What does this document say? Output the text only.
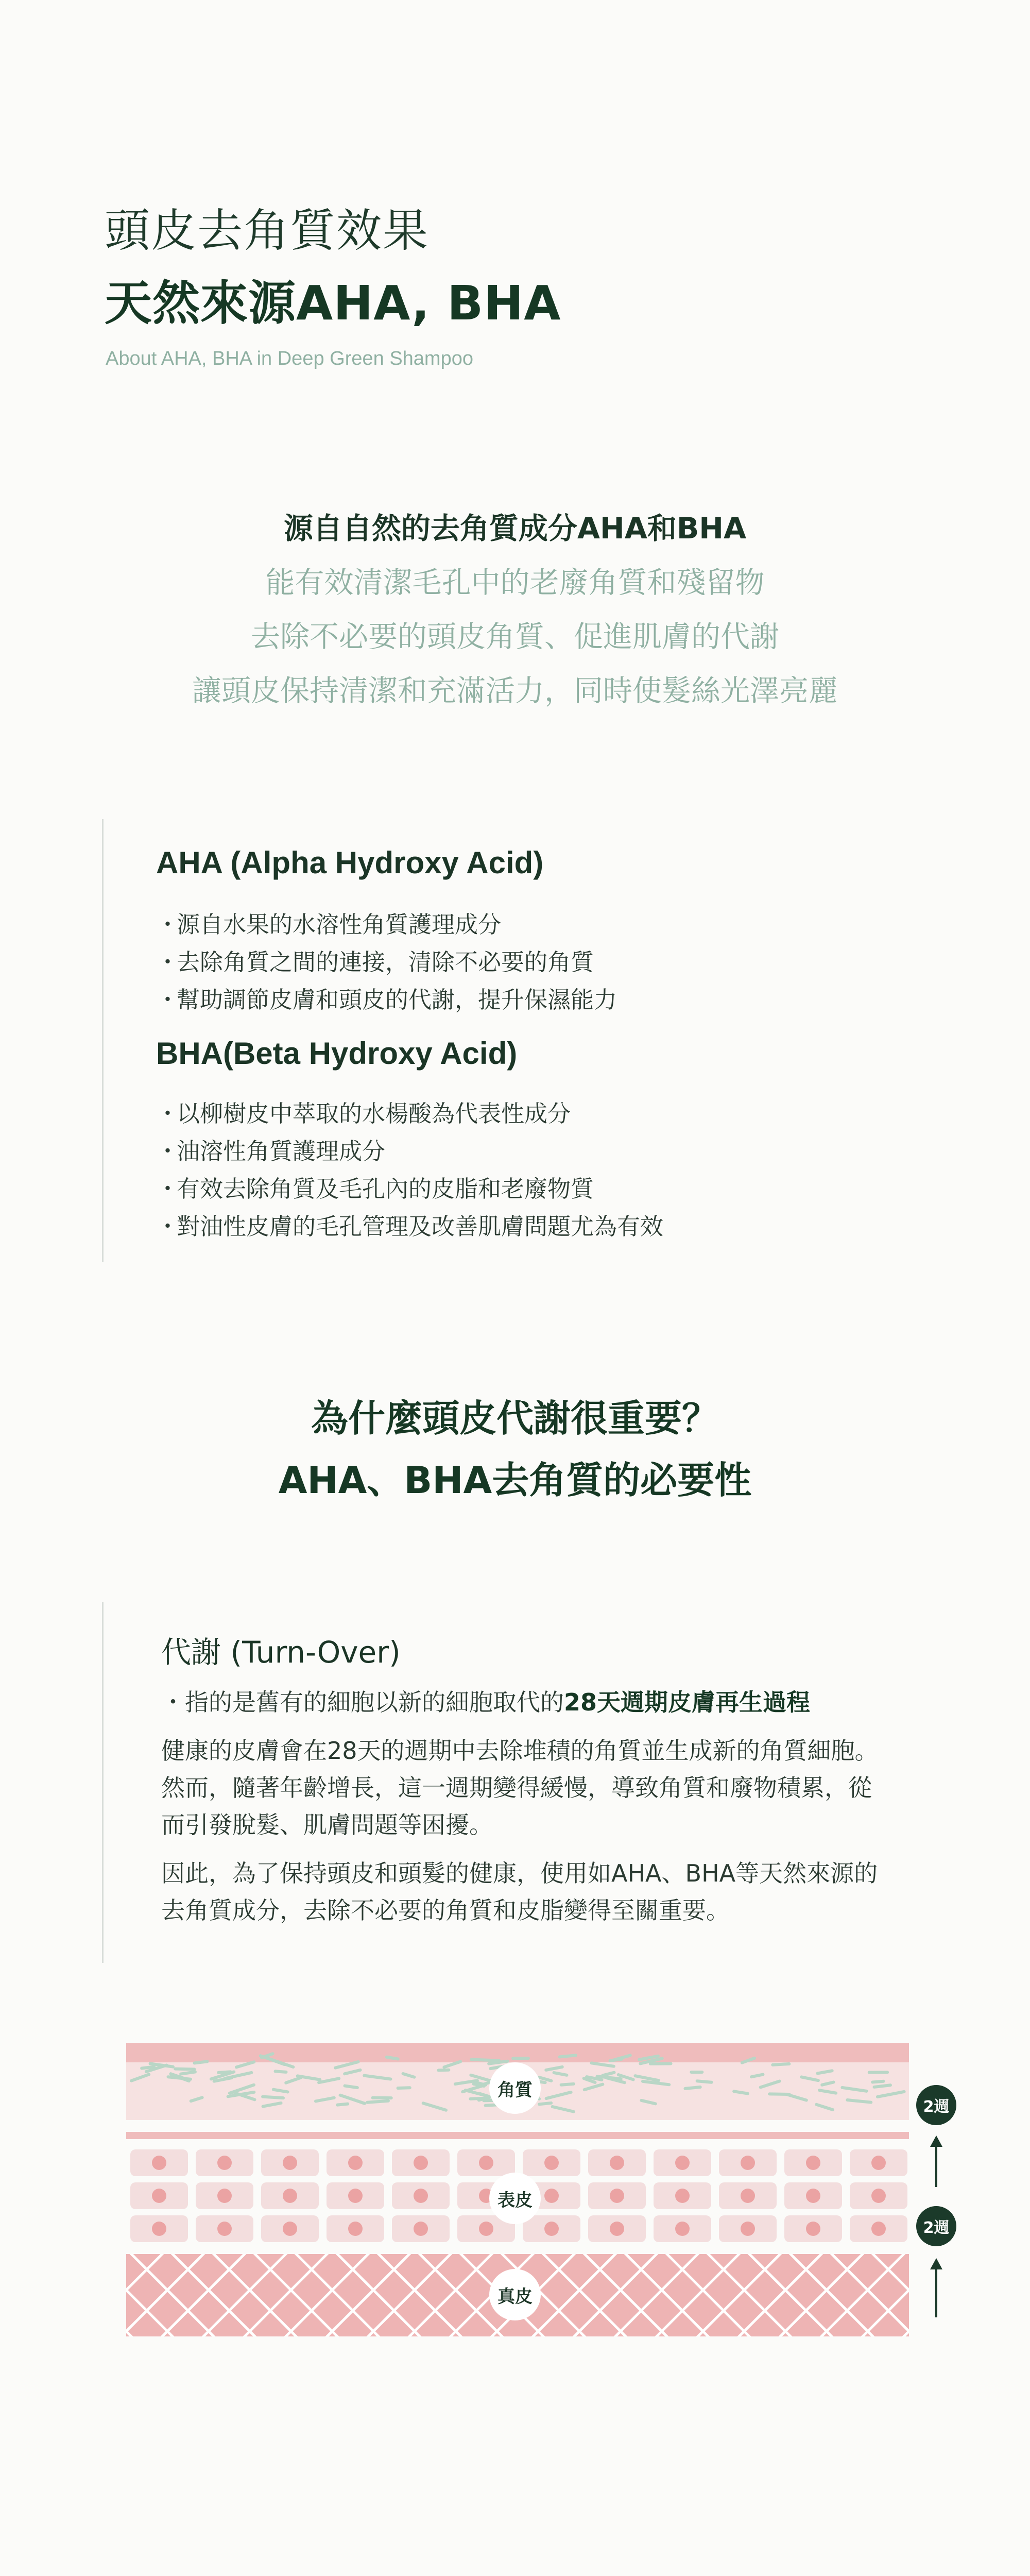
頭皮去角質效果
天然來源AHA, BHA
About AHA, BHA in Deep Green Shampoo
源自自然的去角質成分AHA和BHA
能有效清潔毛孔中的老廢角質和殘留物
去除不必要的頭皮角質、促進肌膚的代謝
讓頭皮保持清潔和充滿活力，同時使髮絲光澤亮麗
AHA (Alpha Hydroxy Acid)
・源自水果的水溶性角質護理成分
・去除角質之間的連接，清除不必要的角質
・幫助調節皮膚和頭皮的代謝，提升保濕能力
BHA(Beta Hydroxy Acid)
・以柳樹皮中萃取的水楊酸為代表性成分
・油溶性角質護理成分
・有效去除角質及毛孔內的皮脂和老廢物質
・對油性皮膚的毛孔管理及改善肌膚問題尤為有效
為什麼頭皮代謝很重要？
AHA、BHA去角質的必要性
代謝 (Turn-Over)
・指的是舊有的細胞以新的細胞取代的28天週期皮膚再生過程
健康的皮膚會在28天的週期中去除堆積的角質並生成新的角質細胞。然而，隨著年齡增長，這一週期變得緩慢，導致角質和廢物積累，從而引發脫髮、肌膚問題等困擾。
因此，為了保持頭皮和頭髮的健康，使用如AHA、BHA等天然來源的去角質成分，去除不必要的角質和皮脂變得至關重要。
角質
表皮
真皮
2週
2週
